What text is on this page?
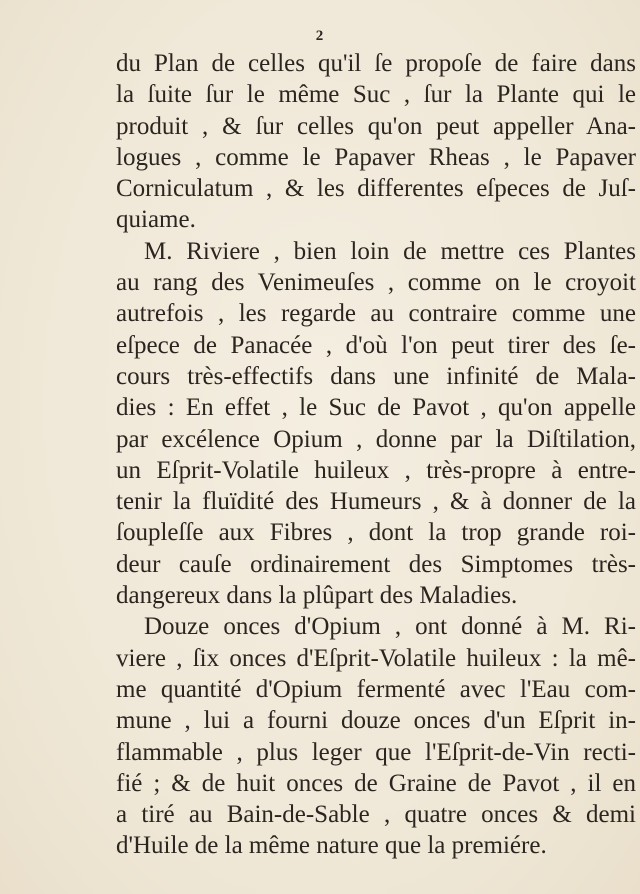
2
du Plan de celles qu'il ſe propoſe de faire dans
la ſuite ſur le même Suc , ſur la Plante qui le
produit , & ſur celles qu'on peut appeller Ana-
logues , comme le Papaver Rheas , le Papaver
Corniculatum , & les differentes eſpeces de Juſ-
quiame.
M. Riviere , bien loin de mettre ces Plantes
au rang des Venimeuſes , comme on le croyoit
autrefois , les regarde au contraire comme une
eſpece de Panacée , d'où l'on peut tirer des ſe-
cours très-effectifs dans une infinité de Mala-
dies : En effet , le Suc de Pavot , qu'on appelle
par excélence Opium , donne par la Diſtilation,
un Eſprit-Volatile huileux , très-propre à entre-
tenir la fluïdité des Humeurs , & à donner de la
ſoupleſſe aux Fibres , dont la trop grande roi-
deur cauſe ordinairement des Simptomes très-
dangereux dans la plûpart des Maladies.
Douze onces d'Opium , ont donné à M. Ri-
viere , ſix onces d'Eſprit-Volatile huileux : la mê-
me quantité d'Opium fermenté avec l'Eau com-
mune , lui a fourni douze onces d'un Eſprit in-
flammable , plus leger que l'Eſprit-de-Vin recti-
fié ; & de huit onces de Graine de Pavot , il en
a tiré au Bain-de-Sable , quatre onces & demi
d'Huile de la même nature que la premiére.
